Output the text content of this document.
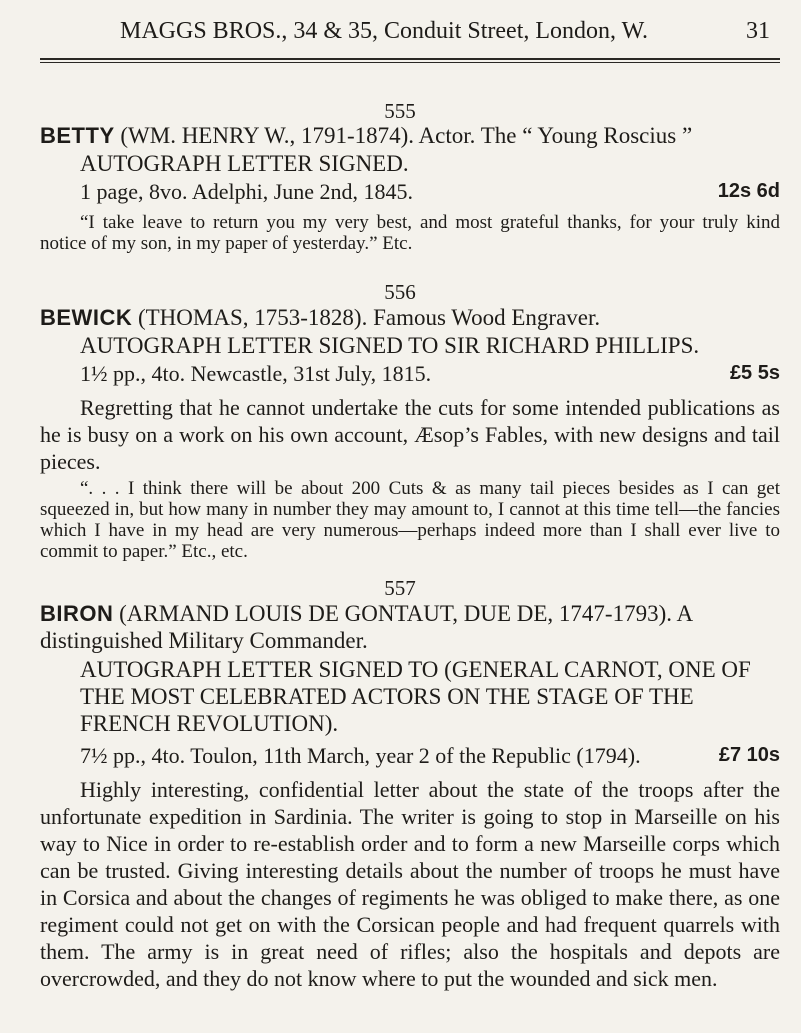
MAGGS BROS., 34 & 35, Conduit Street, London, W.	31
555
BETTY (WM. HENRY W., 1791-1874). Actor. The “ Young Roscius ”
AUTOGRAPH LETTER SIGNED.
1 page, 8vo. Adelphi, June 2nd, 1845.	12s 6d
“I take leave to return you my very best, and most grateful thanks, for your truly kind notice of my son, in my paper of yesterday.” Etc.
556
BEWICK (THOMAS, 1753-1828). Famous Wood Engraver.
AUTOGRAPH LETTER SIGNED TO SIR RICHARD PHILLIPS.
1½ pp., 4to. Newcastle, 31st July, 1815.	£5 5s
Regretting that he cannot undertake the cuts for some intended publications as he is busy on a work on his own account, Æsop’s Fables, with new designs and tail pieces.
“. . . I think there will be about 200 Cuts & as many tail pieces besides as I can get squeezed in, but how many in number they may amount to, I cannot at this time tell—the fancies which I have in my head are very numerous—perhaps indeed more than I shall ever live to commit to paper.” Etc., etc.
557
BIRON (ARMAND LOUIS DE GONTAUT, DUE DE, 1747-1793). A distinguished Military Commander.
AUTOGRAPH LETTER SIGNED TO (GENERAL CARNOT, ONE OF THE MOST CELEBRATED ACTORS ON THE STAGE OF THE FRENCH REVOLUTION).
7½ pp., 4to. Toulon, 11th March, year 2 of the Republic (1794).	£7 10s
Highly interesting, confidential letter about the state of the troops after the unfortunate expedition in Sardinia. The writer is going to stop in Marseille on his way to Nice in order to re-establish order and to form a new Marseille corps which can be trusted. Giving interesting details about the number of troops he must have in Corsica and about the changes of regiments he was obliged to make there, as one regiment could not get on with the Corsican people and had frequent quarrels with them. The army is in great need of rifles; also the hospitals and depots are overcrowded, and they do not know where to put the wounded and sick men.
